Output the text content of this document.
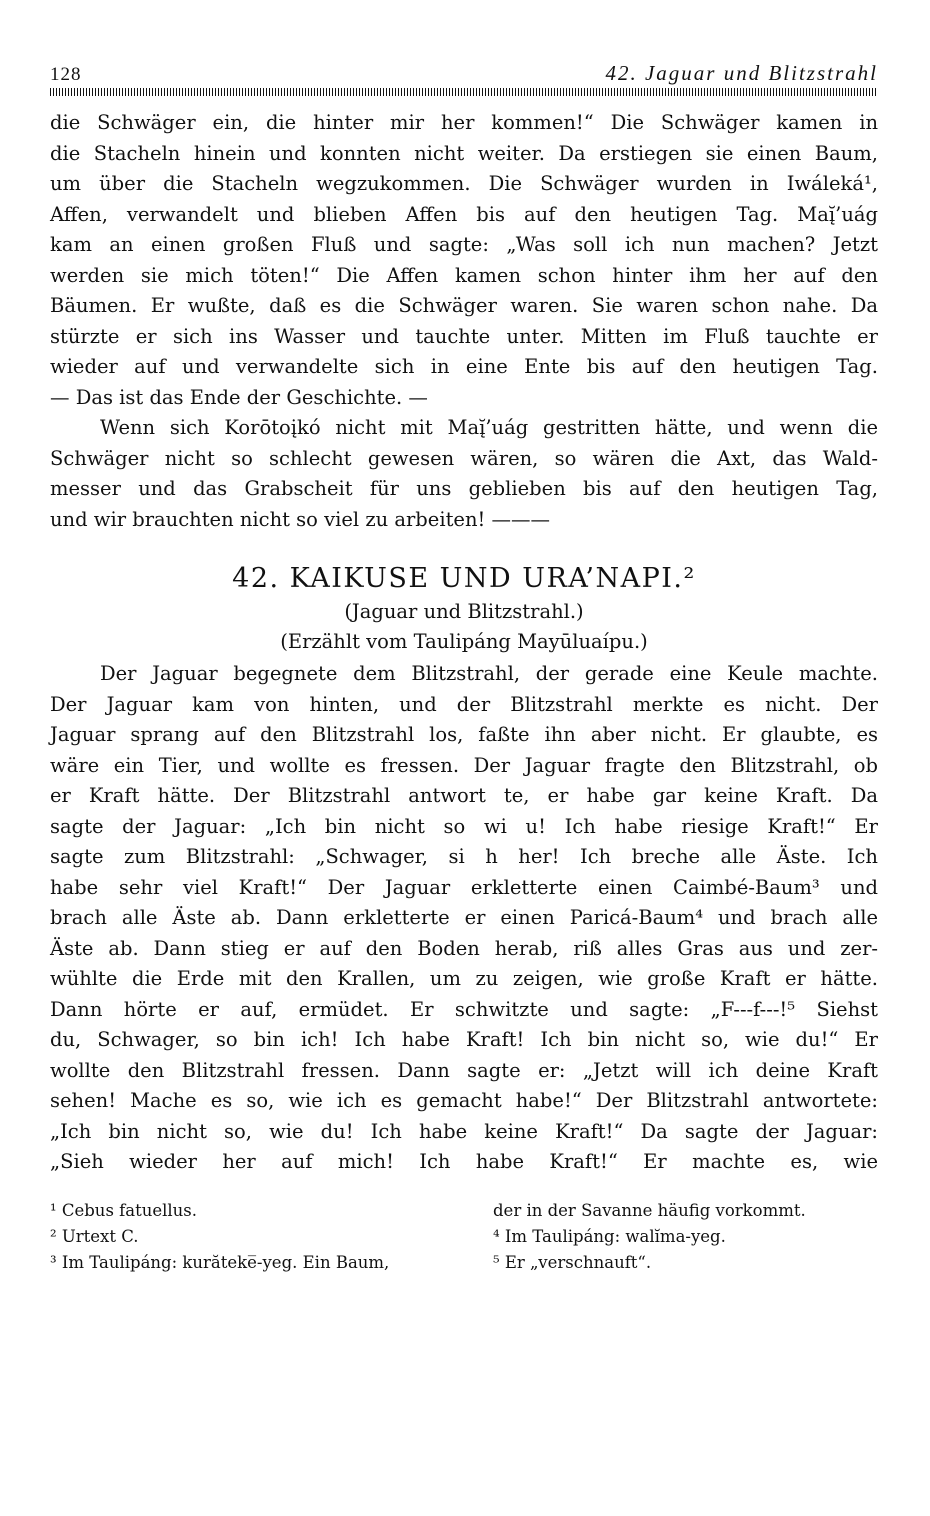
128	42. Jaguar und Blitzstrahl
die Schwäger ein, die hinter mir her kommen!“ Die Schwäger kamen in
die Stacheln hinein und konnten nicht weiter. Da erstiegen sie einen Baum,
um über die Stacheln wegzukommen. Die Schwäger wurden in Iwáleká¹,
Affen, verwandelt und blieben Affen bis auf den heutigen Tag. Maį̆’uág
kam an einen großen Fluß und sagte: „Was soll ich nun machen? Jetzt
werden sie mich töten!“ Die Affen kamen schon hinter ihm her auf den
Bäumen. Er wußte, daß es die Schwäger waren. Sie waren schon nahe. Da
stürzte er sich ins Wasser und tauchte unter. Mitten im Fluß tauchte er
wieder auf und verwandelte sich in eine Ente bis auf den heutigen Tag.
— Das ist das Ende der Geschichte. —
Wenn sich Korōtoįkó nicht mit Maį̆’uág gestritten hätte, und wenn die
Schwäger nicht so schlecht gewesen wären, so wären die Axt, das Wald-
messer und das Grabscheit für uns geblieben bis auf den heutigen Tag,
und wir brauchten nicht so viel zu arbeiten! ———
42. KAIKUSE UND URA’NAPI.²
(Jaguar und Blitzstrahl.)
(Erzählt vom Taulipáng Mayūluaípu.)
Der Jaguar begegnete dem Blitzstrahl, der gerade eine Keule machte.
Der Jaguar kam von hinten, und der Blitzstrahl merkte es nicht. Der
Jaguar sprang auf den Blitzstrahl los, faßte ihn aber nicht. Er glaubte, es
wäre ein Tier, und wollte es fressen. Der Jaguar fragte den Blitzstrahl, ob
er Kraft hätte. Der Blitzstrahl antwort te, er habe gar keine Kraft. Da
sagte der Jaguar: „Ich bin nicht so wi u! Ich habe riesige Kraft!“ Er
sagte zum Blitzstrahl: „Schwager, si h her! Ich breche alle Äste. Ich
habe sehr viel Kraft!“ Der Jaguar erkletterte einen Caimbé-Baum³ und
brach alle Äste ab. Dann erkletterte er einen Paricá-Baum⁴ und brach alle
Äste ab. Dann stieg er auf den Boden herab, riß alles Gras aus und zer-
wühlte die Erde mit den Krallen, um zu zeigen, wie große Kraft er hätte.
Dann hörte er auf, ermüdet. Er schwitzte und sagte: „F---f---!⁵ Siehst
du, Schwager, so bin ich! Ich habe Kraft! Ich bin nicht so, wie du!“ Er
wollte den Blitzstrahl fressen. Dann sagte er: „Jetzt will ich deine Kraft
sehen! Mache es so, wie ich es gemacht habe!“ Der Blitzstrahl antwortete:
„Ich bin nicht so, wie du! Ich habe keine Kraft!“ Da sagte der Jaguar:
„Sieh wieder her auf mich! Ich habe Kraft!“ Er machte es, wie
¹ Cebus fatuellus.
² Urtext C.
³ Im Taulipáng: kurăteke̅-yeg. Ein Baum,
der in der Savanne häufig vorkommt.
⁴ Im Taulipáng: walĭma-yeg.
⁵ Er „verschnauft“.
